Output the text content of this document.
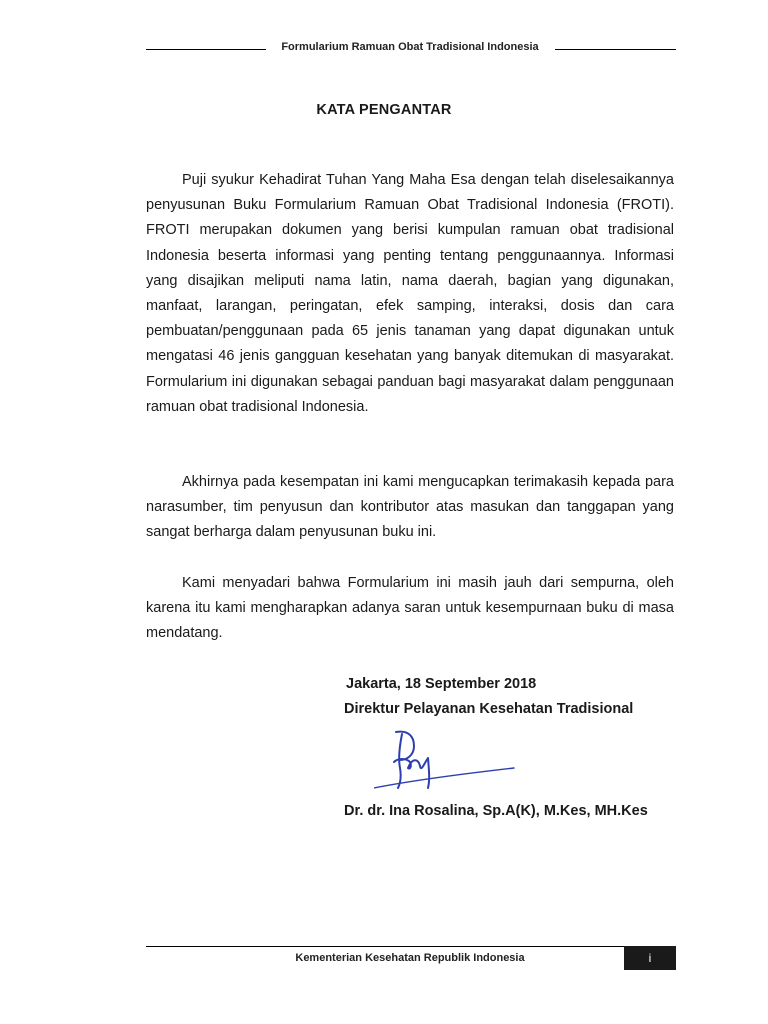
Formularium Ramuan Obat Tradisional Indonesia
KATA PENGANTAR

Puji syukur Kehadirat Tuhan Yang Maha Esa dengan telah diselesaikannya penyusunan Buku Formularium Ramuan Obat Tradisional Indonesia (FROTI). FROTI merupakan dokumen yang berisi kumpulan ramuan obat tradisional Indonesia beserta informasi yang penting tentang penggunaannya. Informasi yang disajikan meliputi nama latin, nama daerah, bagian yang digunakan, manfaat, larangan, peringatan, efek samping, interaksi, dosis dan cara pembuatan/penggunaan pada 65 jenis tanaman yang dapat digunakan untuk mengatasi 46 jenis gangguan kesehatan yang banyak ditemukan di masyarakat. Formularium ini digunakan sebagai panduan bagi masyarakat dalam penggunaan ramuan obat tradisional Indonesia.

Akhirnya pada kesempatan ini kami mengucapkan terimakasih kepada para narasumber, tim penyusun dan kontributor atas masukan dan tanggapan yang sangat berharga dalam penyusunan buku ini.

Kami menyadari bahwa Formularium ini masih jauh dari sempurna, oleh karena itu kami mengharapkan adanya saran untuk kesempurnaan buku di masa mendatang.

Jakarta, 18 September 2018
Direktur Pelayanan Kesehatan Tradisional
Dr. dr. Ina Rosalina, Sp.A(K), M.Kes, MH.Kes
Kementerian Kesehatan Republik Indonesia	i
